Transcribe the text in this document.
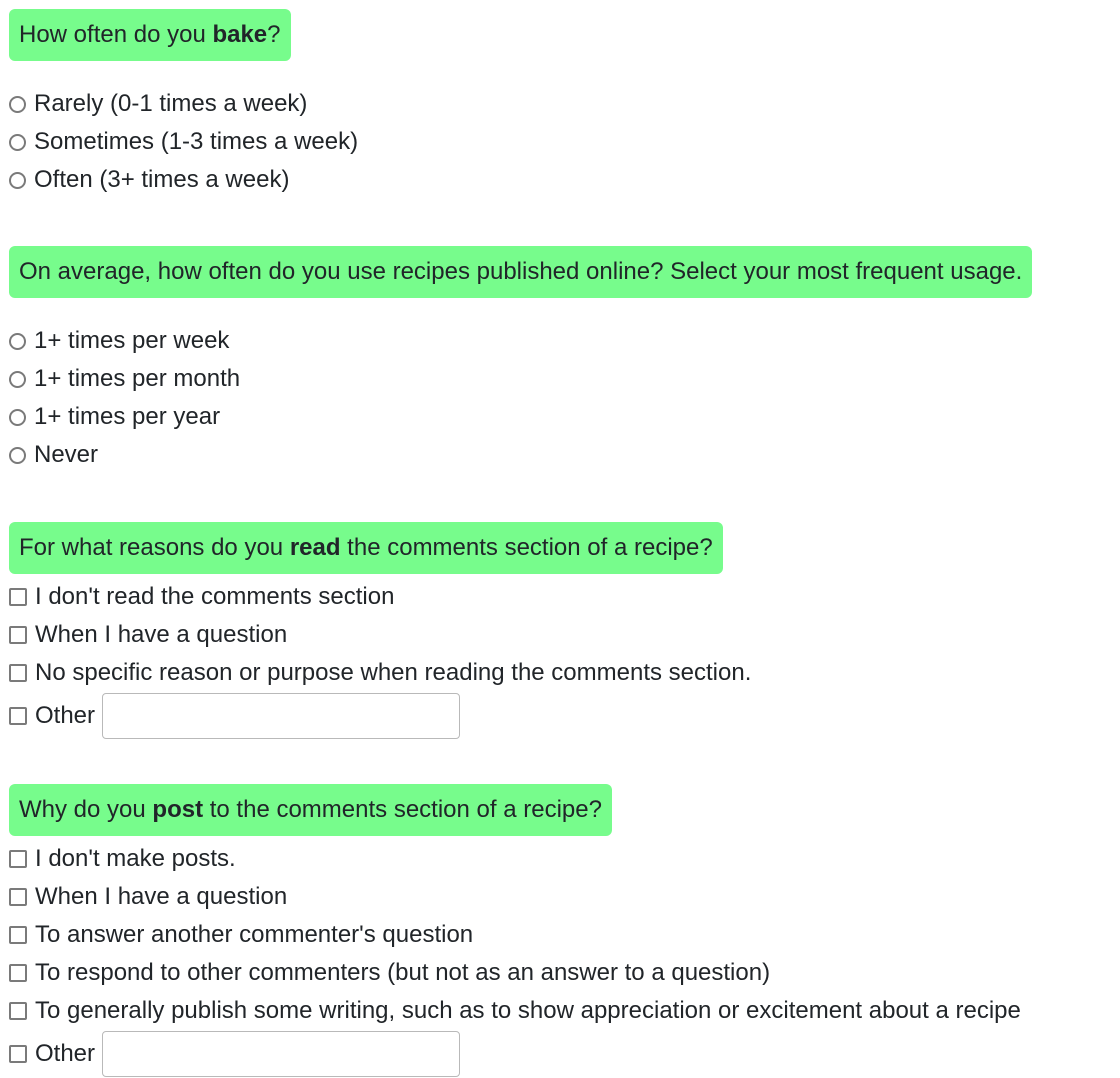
How often do you bake?
Rarely (0-1 times a week)
Sometimes (1-3 times a week)
Often (3+ times a week)
On average, how often do you use recipes published online? Select your most frequent usage.
1+ times per week
1+ times per month
1+ times per year
Never
For what reasons do you read the comments section of a recipe?
I don't read the comments section
When I have a question
No specific reason or purpose when reading the comments section.
Other
Why do you post to the comments section of a recipe?
I don't make posts.
When I have a question
To answer another commenter's question
To respond to other commenters (but not as an answer to a question)
To generally publish some writing, such as to show appreciation or excitement about a recipe
Other
